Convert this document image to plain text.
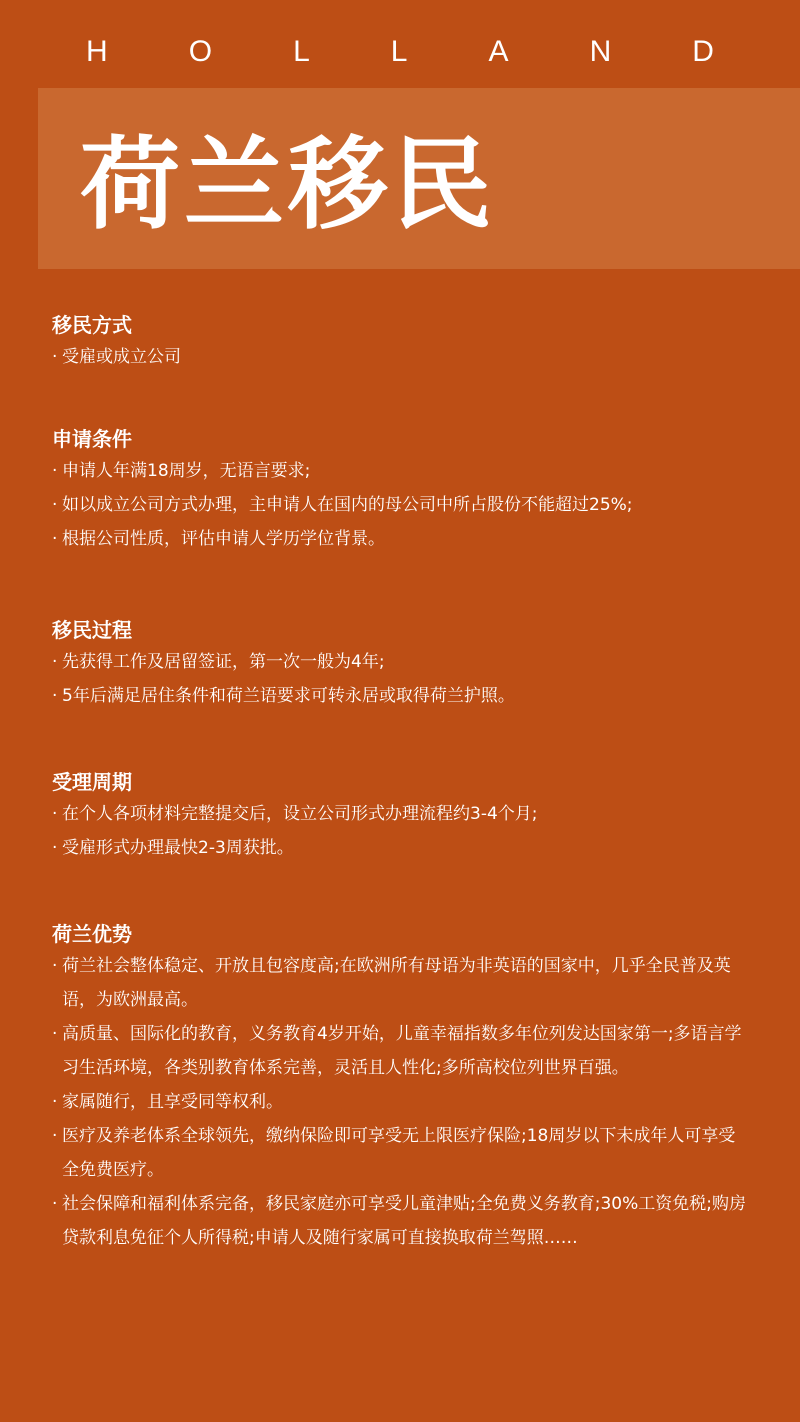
H	O	L	L	A	N	D
荷兰移民
移民方式
· 受雇或成立公司
申请条件
· 申请人年满18周岁，无语言要求;
· 如以成立公司方式办理，主申请人在国内的母公司中所占股份不能超过25%;
· 根据公司性质，评估申请人学历学位背景。
移民过程
· 先获得工作及居留签证，第一次一般为4年;
· 5年后满足居住条件和荷兰语要求可转永居或取得荷兰护照。
受理周期
· 在个人各项材料完整提交后，设立公司形式办理流程约3-4个月;
· 受雇形式办理最快2-3周获批。
荷兰优势
· 荷兰社会整体稳定、开放且包容度高;在欧洲所有母语为非英语的国家中，几乎全民普及英语，为欧洲最高。
· 高质量、国际化的教育，义务教育4岁开始，儿童幸福指数多年位列发达国家第一;多语言学习生活环境，各类别教育体系完善，灵活且人性化;多所高校位列世界百强。
· 家属随行，且享受同等权利。
· 医疗及养老体系全球领先，缴纳保险即可享受无上限医疗保险;18周岁以下未成年人可享受全免费医疗。
· 社会保障和福利体系完备，移民家庭亦可享受儿童津贴;全免费义务教育;30%工资免税;购房贷款利息免征个人所得税;申请人及随行家属可直接换取荷兰驾照……
